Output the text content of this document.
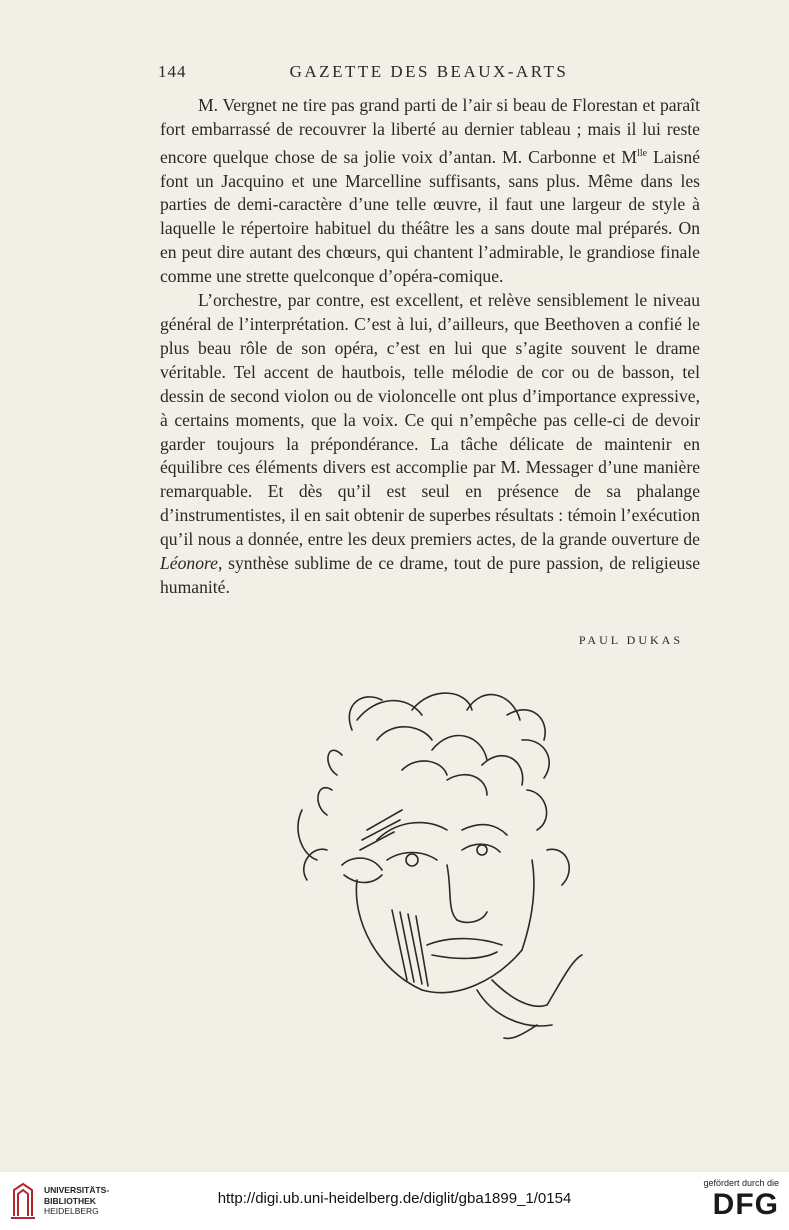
144	GAZETTE DES BEAUX-ARTS

M. Vergnet ne tire pas grand parti de l’air si beau de Florestan et paraît fort embarrassé de recouvrer la liberté au dernier tableau ; mais il lui reste encore quelque chose de sa jolie voix d’antan. M. Carbonne et $M^{lle}$ Laisné font un Jacquino et une Marcelline suffisants, sans plus. Même dans les parties de demi-caractère d’une telle œuvre, il faut une largeur de style à laquelle le répertoire habituel du théâtre les a sans doute mal préparés. On en peut dire autant des chœurs, qui chantent l’admirable, le grandiose finale comme une strette quelconque d’opéra-comique.

L’orchestre, par contre, est excellent, et relève sensiblement le niveau général de l’interprétation. C’est à lui, d’ailleurs, que Beethoven a confié le plus beau rôle de son opéra, c’est en lui que s’agite souvent le drame véritable. Tel accent de hautbois, telle mélodie de cor ou de basson, tel dessin de second violon ou de violoncelle ont plus d’importance expressive, à certains moments, que la voix. Ce qui n’empêche pas celle-ci de devoir garder toujours la prépondérance. La tâche délicate de maintenir en équilibre ces éléments divers est accomplie par M. Messager d’une manière remarquable. Et dès qu’il est seul en présence de sa phalange d’instrumentistes, il en sait obtenir de superbes résultats : témoin l’exécution qu’il nous a donnée, entre les deux premiers actes, de la grande ouverture de Léonore, synthèse sublime de ce drame, tout de pure passion, de religieuse humanité.

PAUL DUKAS
UNIVERSITÄTS-
BIBLIOTHEK
HEIDELBERG
http://digi.ub.uni-heidelberg.de/diglit/gba1899_1/0154
gefördert durch die
DFG
